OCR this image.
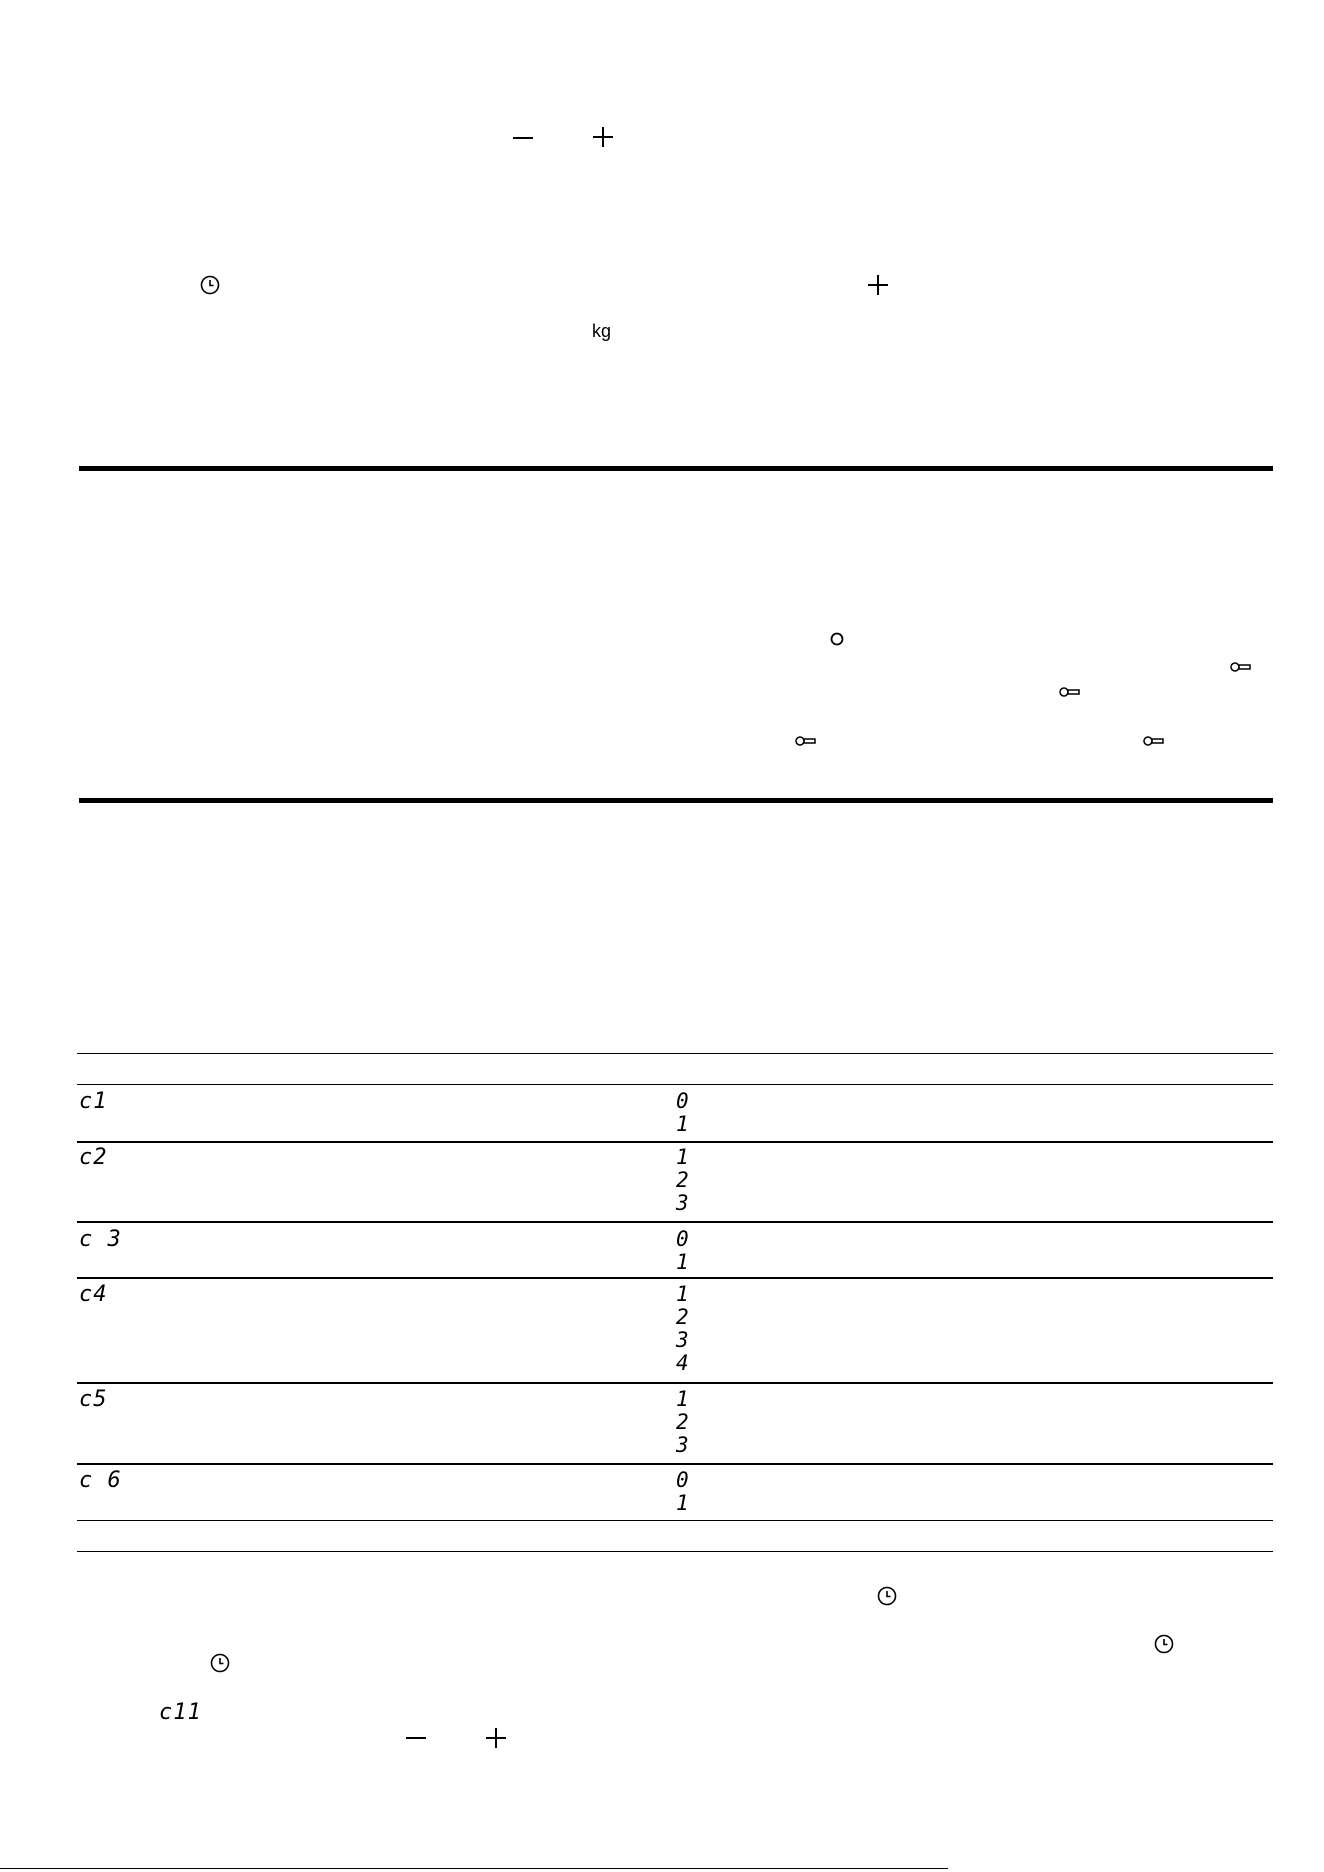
kg
c1	0
1
c2	1
2
3
c 3	0
1
c4	1
2
3
4
c5	1
2
3
c 6	0
1
c11
